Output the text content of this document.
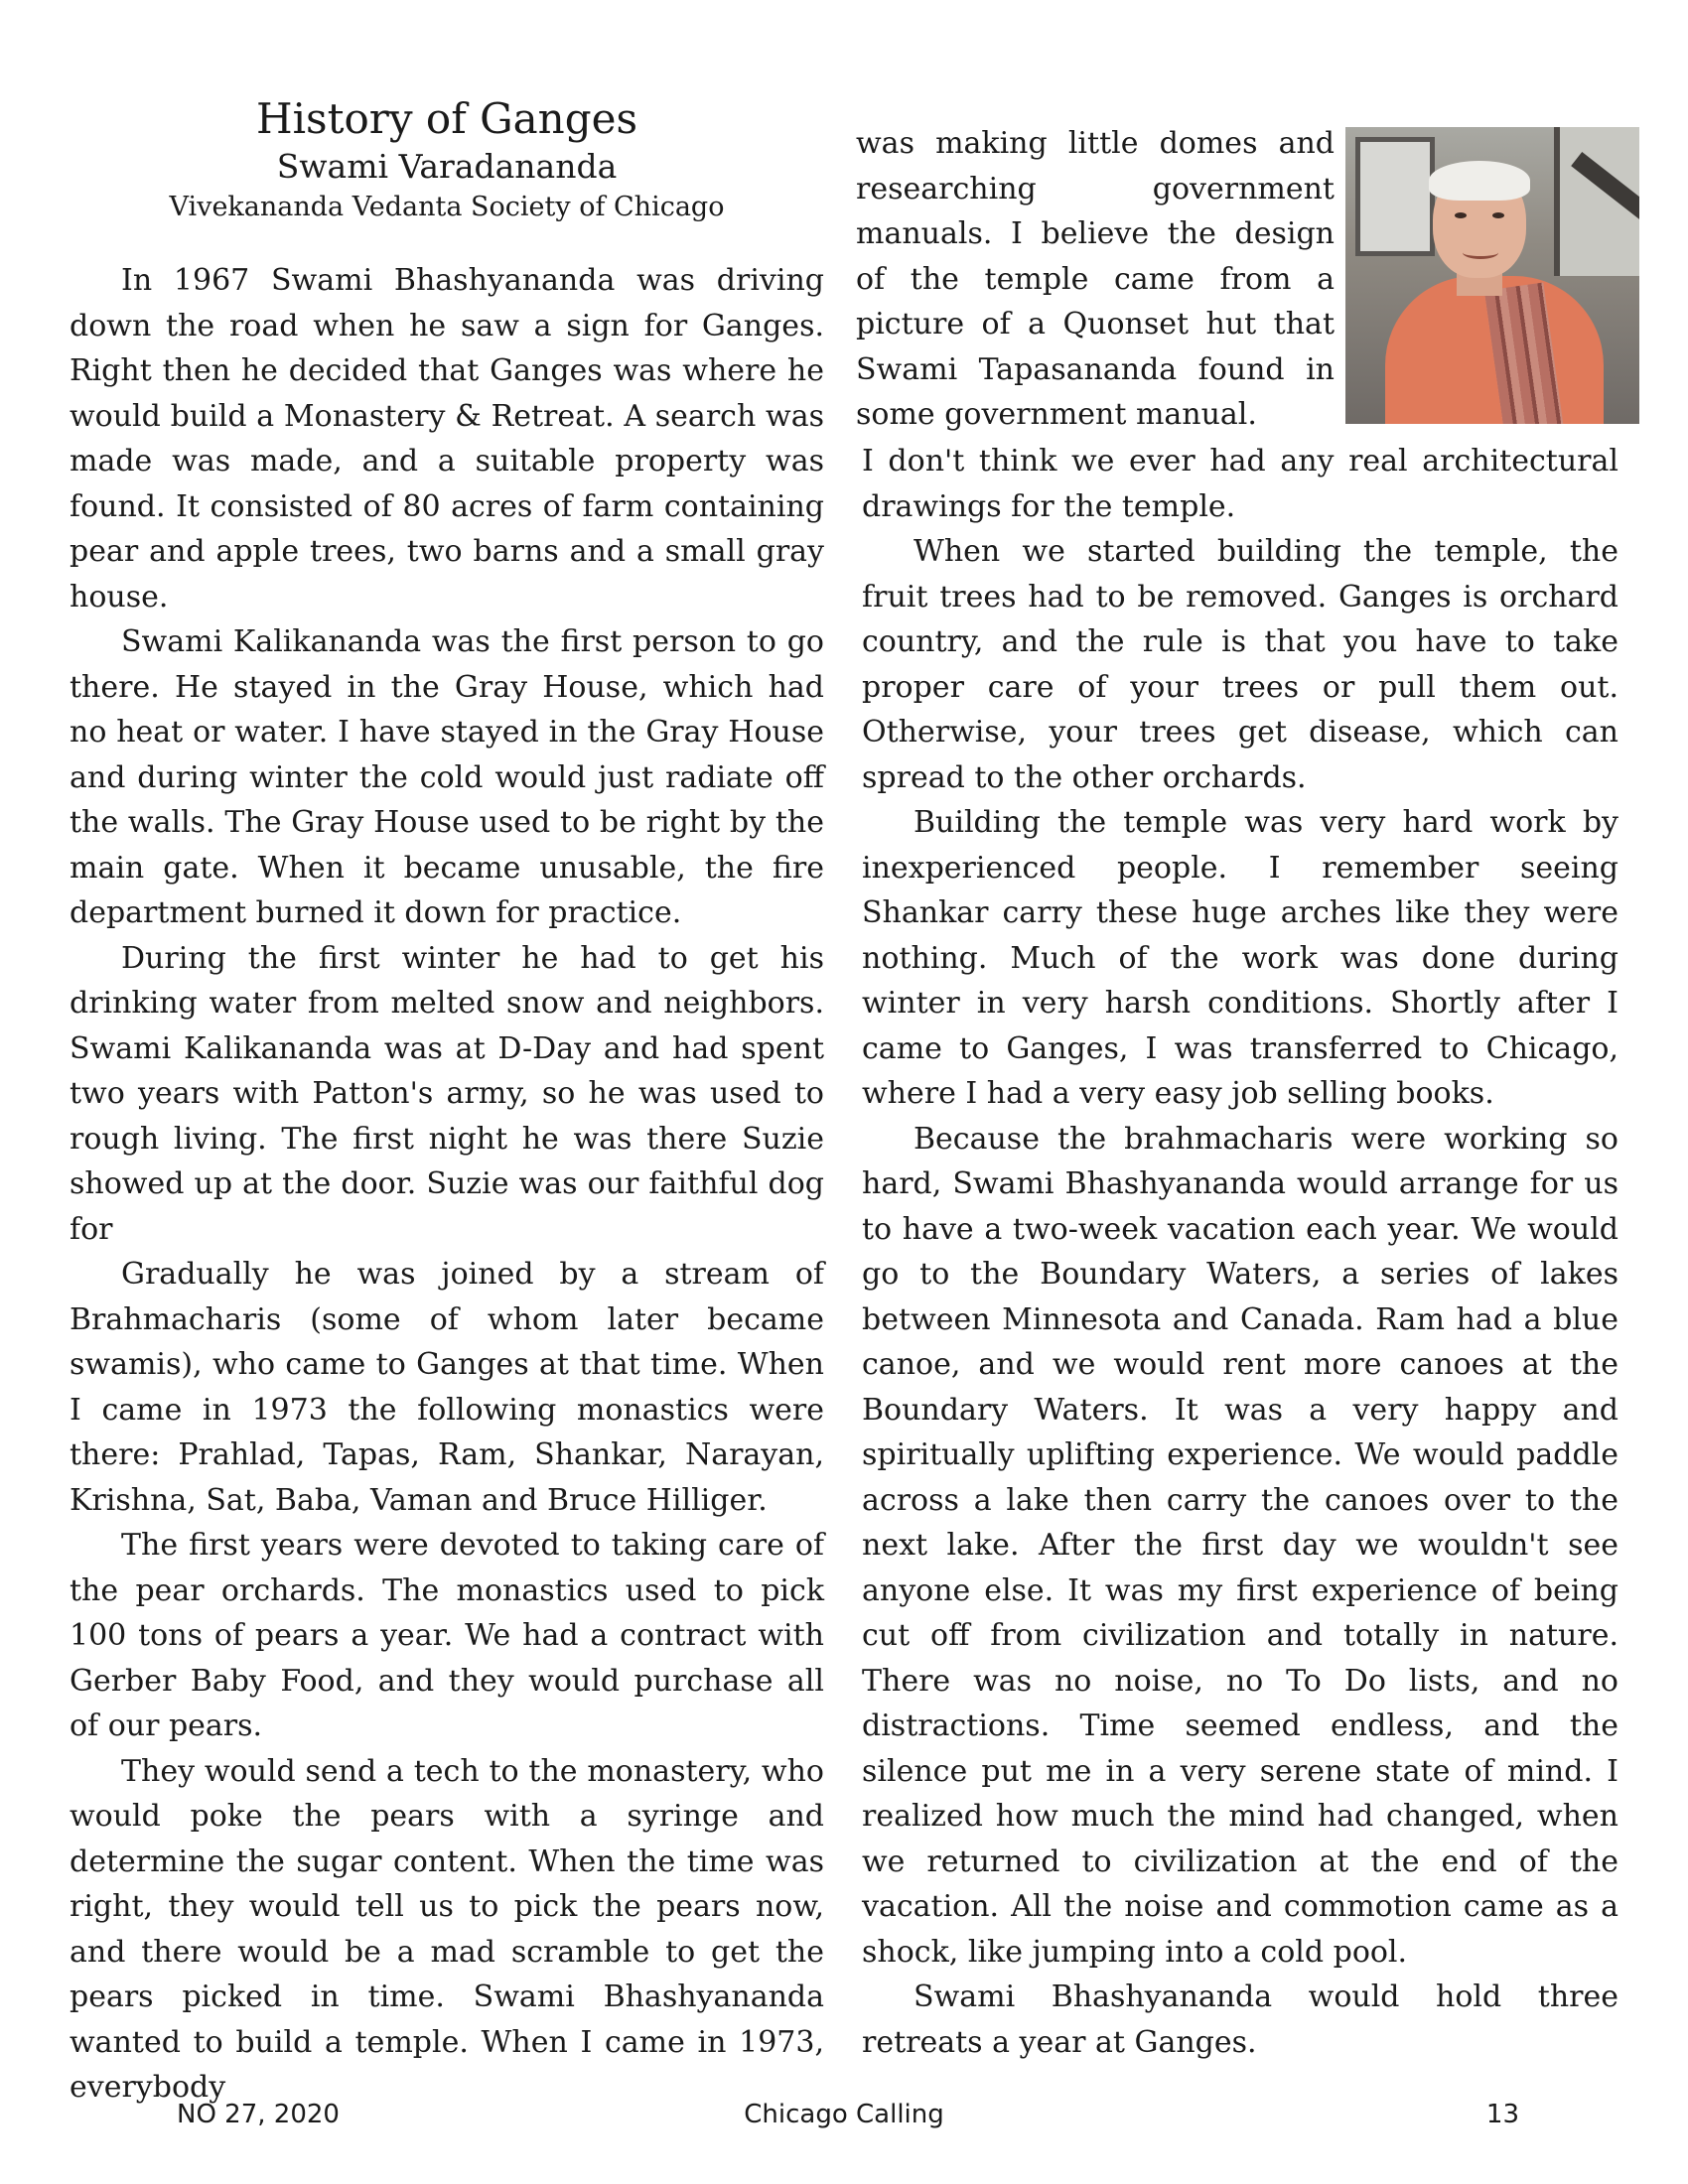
History of Ganges
Swami Varadananda
Vivekananda Vedanta Society of Chicago

In 1967 Swami Bhashyananda was driving down the road when he saw a sign for Ganges. Right then he decided that Ganges was where he would build a Monastery & Retreat. A search was made was made, and a suitable property was found. It consisted of 80 acres of farm containing pear and apple trees, two barns and a small gray house.

Swami Kalikananda was the first person to go there. He stayed in the Gray House, which had no heat or water. I have stayed in the Gray House and during winter the cold would just radiate off the walls. The Gray House used to be right by the main gate. When it became unusable, the fire department burned it down for practice.

During the first winter he had to get his drinking water from melted snow and neighbors. Swami Kalikananda was at D-Day and had spent two years with Patton's army, so he was used to rough living. The first night he was there Suzie showed up at the door. Suzie was our faithful dog for

Gradually he was joined by a stream of Brahmacharis (some of whom later became swamis), who came to Ganges at that time. When I came in 1973 the following monastics were there: Prahlad, Tapas, Ram, Shankar, Narayan, Krishna, Sat, Baba, Vaman and Bruce Hilliger.

The first years were devoted to taking care of the pear orchards. The monastics used to pick 100 tons of pears a year. We had a contract with Gerber Baby Food, and they would purchase all of our pears.

They would send a tech to the monastery, who would poke the pears with a syringe and determine the sugar content. When the time was right, they would tell us to pick the pears now, and there would be a mad scramble to get the pears picked in time. Swami Bhashyananda wanted to build a temple. When I came in 1973, everybody

was making little domes and researching government manuals. I believe the design of the temple came from a picture of a Quonset hut that Swami Tapasananda found in some government manual.

I don't think we ever had any real architectural drawings for the temple.

When we started building the temple, the fruit trees had to be removed. Ganges is orchard country, and the rule is that you have to take proper care of your trees or pull them out. Otherwise, your trees get disease, which can spread to the other orchards.

Building the temple was very hard work by inexperienced people. I remember seeing Shankar carry these huge arches like they were nothing. Much of the work was done during winter in very harsh conditions. Shortly after I came to Ganges, I was transferred to Chicago, where I had a very easy job selling books.

Because the brahmacharis were working so hard, Swami Bhashyananda would arrange for us to have a two-week vacation each year. We would go to the Boundary Waters, a series of lakes between Minnesota and Canada. Ram had a blue canoe, and we would rent more canoes at the Boundary Waters. It was a very happy and spiritually uplifting experience. We would paddle across a lake then carry the canoes over to the next lake. After the first day we wouldn't see anyone else. It was my first experience of being cut off from civilization and totally in nature. There was no noise, no To Do lists, and no distractions. Time seemed endless, and the silence put me in a very serene state of mind. I realized how much the mind had changed, when we returned to civilization at the end of the vacation. All the noise and commotion came as a shock, like jumping into a cold pool.

Swami Bhashyananda would hold three retreats a year at Ganges.

NO 27, 2020	Chicago Calling	13
